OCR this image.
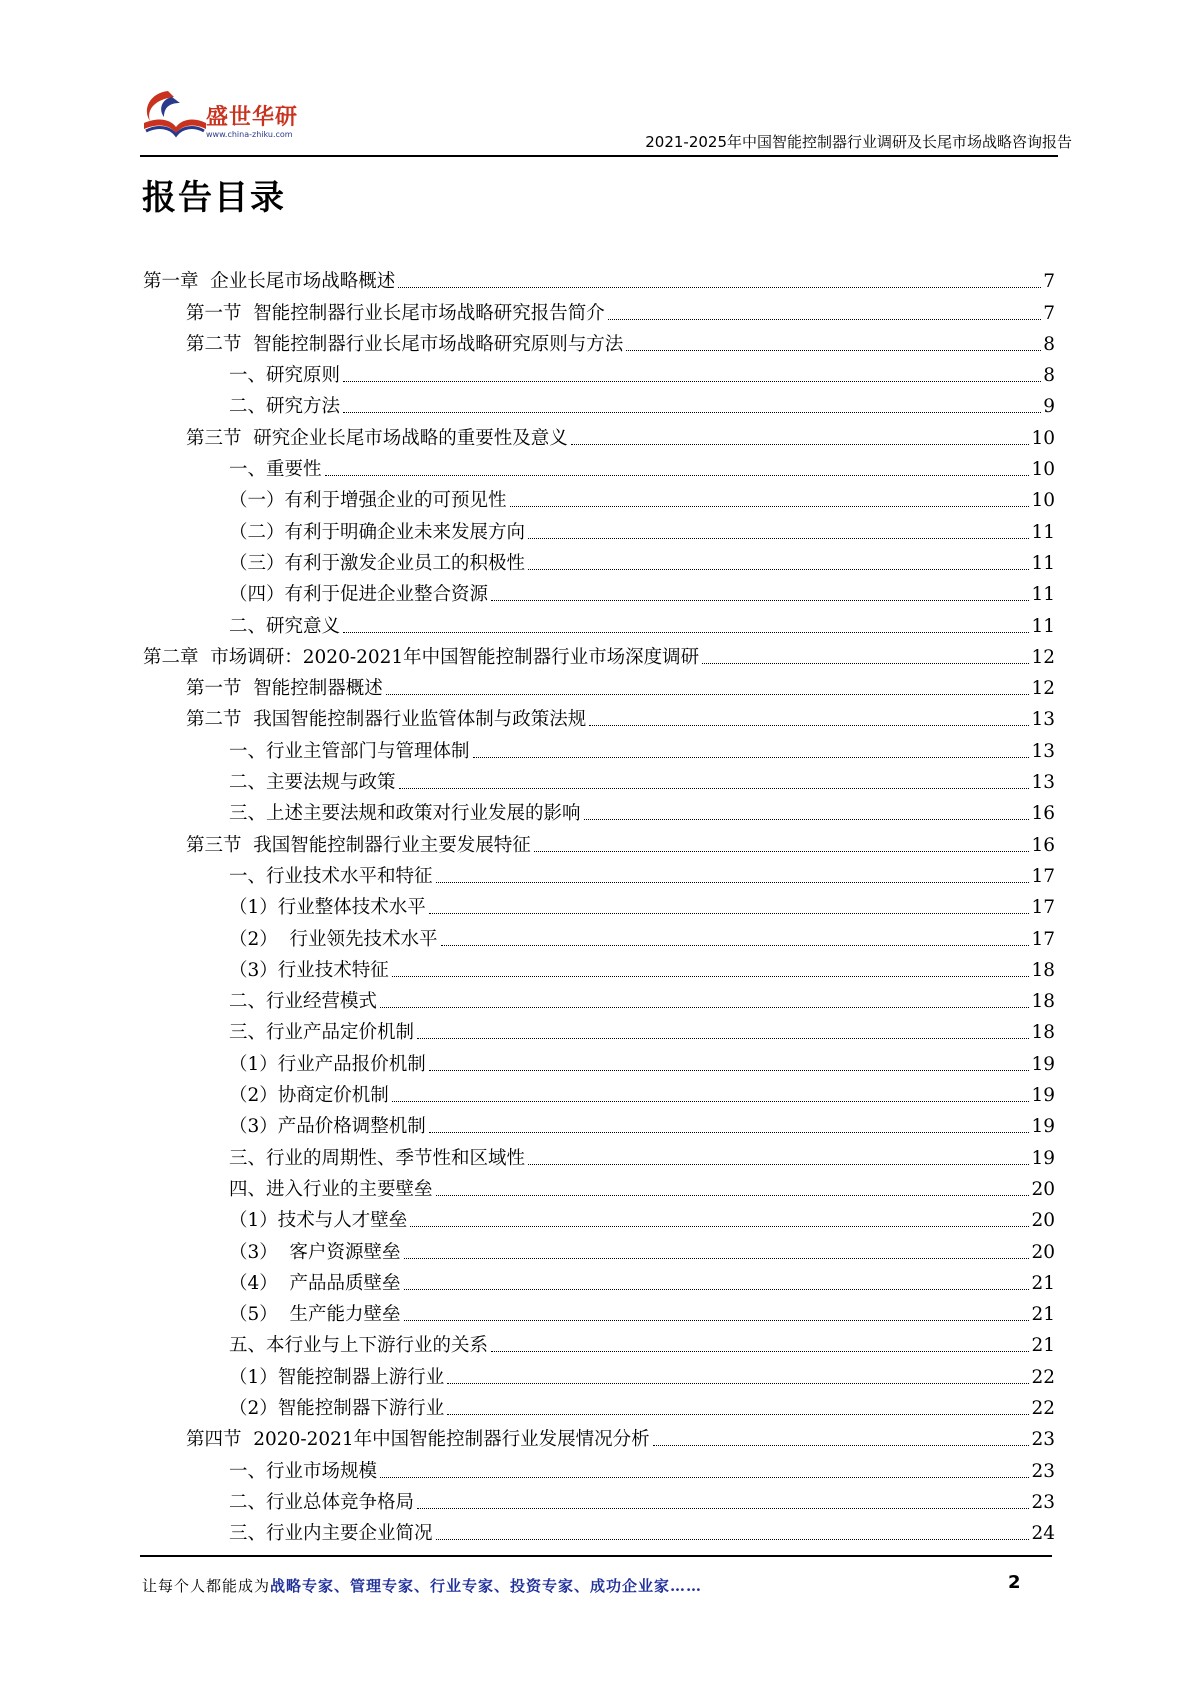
盛世华研
www.china-zhiku.com	2021-2025年中国智能控制器行业调研及长尾市场战略咨询报告
报告目录
第一章  企业长尾市场战略概述	7
第一节  智能控制器行业长尾市场战略研究报告简介	7
第二节  智能控制器行业长尾市场战略研究原则与方法	8
一、研究原则	8
二、研究方法	9
第三节  研究企业长尾市场战略的重要性及意义	10
一、重要性	10
（一）有利于增强企业的可预见性	10
（二）有利于明确企业未来发展方向	11
（三）有利于激发企业员工的积极性	11
（四）有利于促进企业整合资源	11
二、研究意义	11
第二章  市场调研：2020-2021年中国智能控制器行业市场深度调研	12
第一节  智能控制器概述	12
第二节  我国智能控制器行业监管体制与政策法规	13
一、行业主管部门与管理体制	13
二、主要法规与政策	13
三、上述主要法规和政策对行业发展的影响	16
第三节  我国智能控制器行业主要发展特征	16
一、行业技术水平和特征	17
（1）行业整体技术水平	17
（2）  行业领先技术水平	17
（3）行业技术特征	18
二、行业经营模式	18
三、行业产品定价机制	18
（1）行业产品报价机制	19
（2）协商定价机制	19
（3）产品价格调整机制	19
三、行业的周期性、季节性和区域性	19
四、进入行业的主要壁垒	20
（1）技术与人才壁垒	20
（3）  客户资源壁垒	20
（4）  产品品质壁垒	21
（5）  生产能力壁垒	21
五、本行业与上下游行业的关系	21
（1）智能控制器上游行业	22
（2）智能控制器下游行业	22
第四节  2020-2021年中国智能控制器行业发展情况分析	23
一、行业市场规模	23
二、行业总体竞争格局	23
三、行业内主要企业简况	24
让每个人都能成为战略专家、管理专家、行业专家、投资专家、成功企业家……	2
